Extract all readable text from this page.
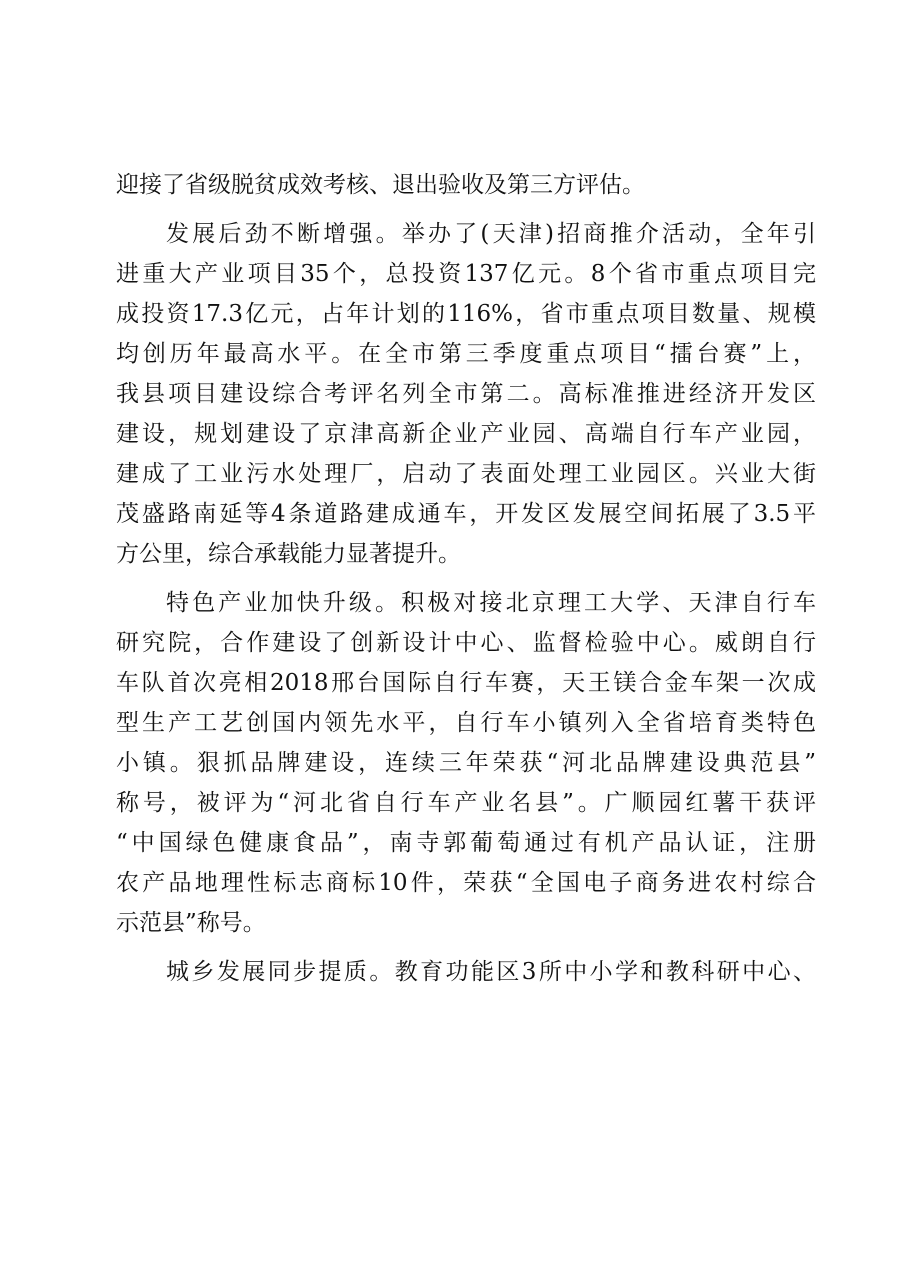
迎接了省级脱贫成效考核、退出验收及第三方评估。
发展后劲不断增强。举办了(天津)招商推介活动，全年引
进重大产业项目35个，总投资137亿元。8个省市重点项目完
成投资17.3亿元，占年计划的116%，省市重点项目数量、规模
均创历年最高水平。在全市第三季度重点项目“擂台赛”上，
我县项目建设综合考评名列全市第二。高标准推进经济开发区
建设，规划建设了京津高新企业产业园、高端自行车产业园，
建成了工业污水处理厂，启动了表面处理工业园区。兴业大街
茂盛路南延等4条道路建成通车，开发区发展空间拓展了3.5平
方公里，综合承载能力显著提升。
特色产业加快升级。积极对接北京理工大学、天津自行车
研究院，合作建设了创新设计中心、监督检验中心。威朗自行
车队首次亮相2018邢台国际自行车赛，天王镁合金车架一次成
型生产工艺创国内领先水平，自行车小镇列入全省培育类特色
小镇。狠抓品牌建设，连续三年荣获“河北品牌建设典范县”
称号，被评为“河北省自行车产业名县”。广顺园红薯干获评
“中国绿色健康食品”，南寺郭葡萄通过有机产品认证，注册
农产品地理性标志商标10件，荣获“全国电子商务进农村综合
示范县”称号。
城乡发展同步提质。教育功能区3所中小学和教科研中心、
